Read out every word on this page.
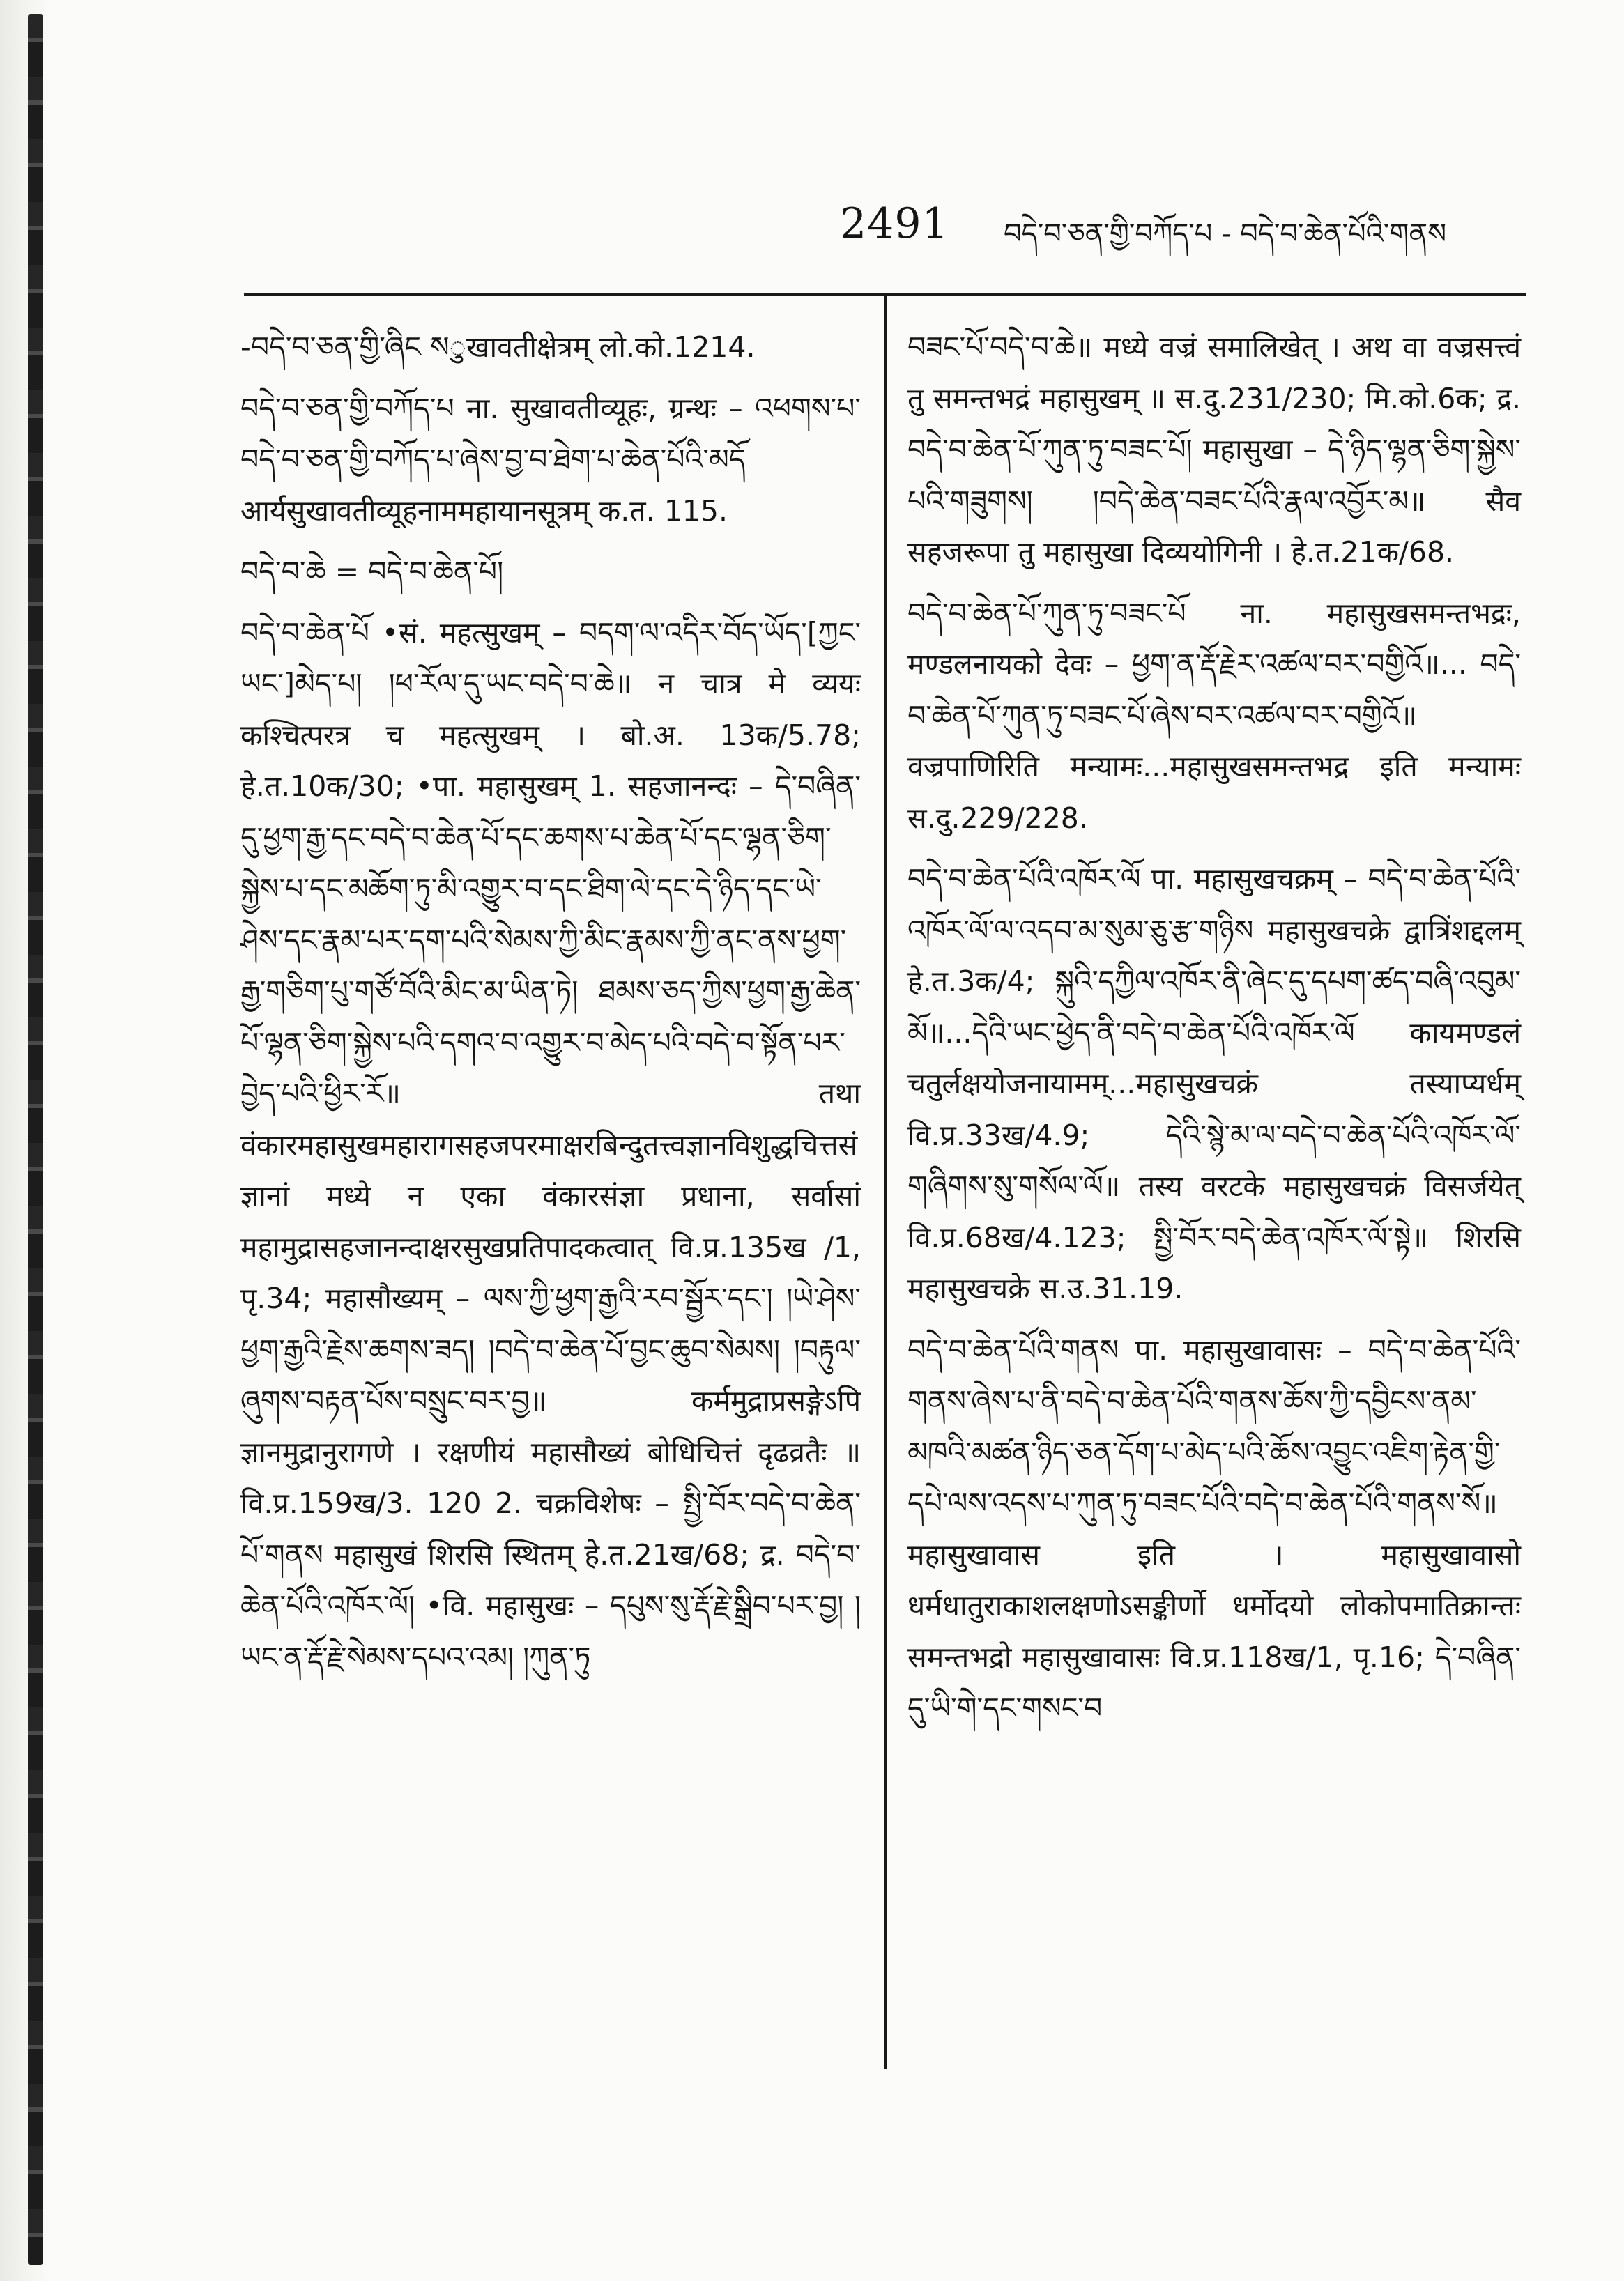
2491 བདེ་བ་ཅན་གྱི་བཀོད་པ - བདེ་བ་ཆེན་པོའི་གནས

-བདེ་བ་ཅན་གྱི་ཞིང སुखावतीक्षेत्रम् लो.को.1214.

བདེ་བ་ཅན་གྱི་བཀོད་པ ना. सुखावतीव्यूहः, ग्रन्थः – འཕགས་པ་བདེ་བ་ཅན་གྱི་བཀོད་པ་ཞེས་བྱ་བ་ཐེག་པ་ཆེན་པོའི་མདོ आर्यसुखावतीव्यूहनाममहायानसूत्रम् क.त. 115.

བདེ་བ་ཆེ = བདེ་བ་ཆེན་པོ།

བདེ་བ་ཆེན་པོ •सं. महत्सुखम् – བདག་ལ་འདིར་བོད་ཡོད་[ཀྱང་ཡང་]མེད་པ། །ཕ་རོལ་དུ་ཡང་བདེ་བ་ཆེ॥ न चात्र मे व्ययः कश्चित्परत्र च महत्सुखम् । बो.अ. 13क/5.78; हे.त.10क/30; •पा. महासुखम् 1. सहजानन्दः – དེ་བཞིན་དུ་ཕྱག་རྒྱ་དང་བདེ་བ་ཆེན་པོ་དང་ཆགས་པ་ཆེན་པོ་དང་ལྷན་ཅིག་སྐྱེས་པ་དང་མཆོག་ཏུ་མི་འགྱུར་བ་དང་ཐིག་ལེ་དང་དེ་ཉིད་དང་ཡེ་ཤེས་དང་རྣམ་པར་དག་པའི་སེམས་ཀྱི་མིང་རྣམས་ཀྱི་ནང་ནས་ཕྱག་རྒྱ་གཅིག་པུ་གཙོ་བོའི་མིང་མ་ཡིན་ཏེ། ཐམས་ཅད་ཀྱིས་ཕྱག་རྒྱ་ཆེན་པོ་ལྷན་ཅིག་སྐྱེས་པའི་དགའ་བ་འགྱུར་བ་མེད་པའི་བདེ་བ་སྟོན་པར་བྱེད་པའི་ཕྱིར་རོ॥ तथा वंकारमहासुखमहारागसहजपरमाक्षरबिन्दुतत्त्वज्ञानविशुद्धचित्तसंज्ञानां मध्ये न एका वंकारसंज्ञा प्रधाना, सर्वासां महामुद्रासहजानन्दाक्षरसुखप्रतिपादकत्वात् वि.प्र.135ख /1, पृ.34; महासौख्यम् – ལས་ཀྱི་ཕྱག་རྒྱའི་རབ་སྦྱོར་དང་། །ཡེ་ཤེས་ཕྱག་རྒྱའི་རྗེས་ཆགས་ཟད། །བདེ་བ་ཆེན་པོ་བྱང་ཆུབ་སེམས། །བརྟུལ་ཞུགས་བརྟན་པོས་བསྲུང་བར་བྱ॥ कर्ममुद्राप्रसङ्गेऽपि ज्ञानमुद्रानुरागणे । रक्षणीयं महासौख्यं बोधिचित्तं दृढव्रतैः ॥ वि.प्र.159ख/3. 120 2. चक्रविशेषः – སྤྱི་བོར་བདེ་བ་ཆེན་པོ་གནས महासुखं शिरसि स्थितम् हे.त.21ख/68; द्र. བདེ་བ་ཆེན་པོའི་འཁོར་ལོ། •वि. महासुखः – དཔུས་སུ་རྡོ་རྗེ་སྒྲིབ་པར་བྱ། །ཡང་ན་རྡོ་རྗེ་སེམས་དཔའ་འམ། །ཀུན་ཏུ

བཟང་པོ་བདེ་བ་ཆེ॥ मध्ये वज्रं समालिखेत् । अथ वा वज्रसत्त्वं तु समन्तभद्रं महासुखम् ॥ स.दु.231/230; मि.को.6क; द्र. བདེ་བ་ཆེན་པོ་ཀུན་ཏུ་བཟང་པོ། महासुखा – དེ་ཉིད་ལྷན་ཅིག་སྐྱེས་པའི་གཟུགས། །བདེ་ཆེན་བཟང་པོའི་རྣལ་འབྱོར་མ॥ सैव सहजरूपा तु महासुखा दिव्ययोगिनी । हे.त.21क/68.

བདེ་བ་ཆེན་པོ་ཀུན་ཏུ་བཟང་པོ ना. महासुखसमन्तभद्रः, मण्डलनायको देवः – ཕྱག་ན་རྡོ་རྗེར་འཚལ་བར་བགྱིའོ॥... བདེ་བ་ཆེན་པོ་ཀུན་ཏུ་བཟང་པོ་ཞེས་བར་འཚལ་བར་བགྱིའོ॥ वज्रपाणिरिति मन्यामः...महासुखसमन्तभद्र इति मन्यामः स.दु.229/228.

བདེ་བ་ཆེན་པོའི་འཁོར་ལོ पा. महासुखचक्रम् – བདེ་བ་ཆེན་པོའི་འཁོར་ལོ་ལ་འདབ་མ་སུམ་ཅུ་རྩ་གཉིས महासुखचक्रे द्वात्रिंशद्दलम् हे.त.3क/4; སྐུའི་དཀྱིལ་འཁོར་ནི་ཞེང་དུ་དཔག་ཚད་བཞི་འབུམ་མོ॥...དེའི་ཡང་ཕྱེད་ནི་བདེ་བ་ཆེན་པོའི་འཁོར་ལོ कायमण्डलं चतुर्लक्षयोजनायामम्...महासुखचक्रं तस्याप्यर्धम् वि.प्र.33ख/4.9; དེའི་སྙེ་མ་ལ་བདེ་བ་ཆེན་པོའི་འཁོར་ལོ་གཞིགས་སུ་གསོལ་ལོ॥ तस्य वरटके महासुखचक्रं विसर्जयेत् वि.प्र.68ख/4.123; སྤྱི་བོར་བདེ་ཆེན་འཁོར་ལོ་སྟེ॥ शिरसि महासुखचक्रे स.उ.31.19.

བདེ་བ་ཆེན་པོའི་གནས पा. महासुखावासः – བདེ་བ་ཆེན་པོའི་གནས་ཞེས་པ་ནི་བདེ་བ་ཆེན་པོའི་གནས་ཆོས་ཀྱི་དབྱིངས་ནམ་མཁའི་མཚན་ཉིད་ཅན་དོག་པ་མེད་པའི་ཆོས་འབྱུང་འཇིག་རྟེན་གྱི་དཔེ་ལས་འདས་པ་ཀུན་ཏུ་བཟང་པོའི་བདེ་བ་ཆེན་པོའི་གནས་སོ॥ महासुखावास इति । महासुखावासो धर्मधातुराकाशलक्षणोऽसङ्कीर्णो धर्मोदयो लोकोपमातिक्रान्तः समन्तभद्रो महासुखावासः वि.प्र.118ख/1, पृ.16; དེ་བཞིན་དུ་ཡི་གེ་དང་གསང་བ
